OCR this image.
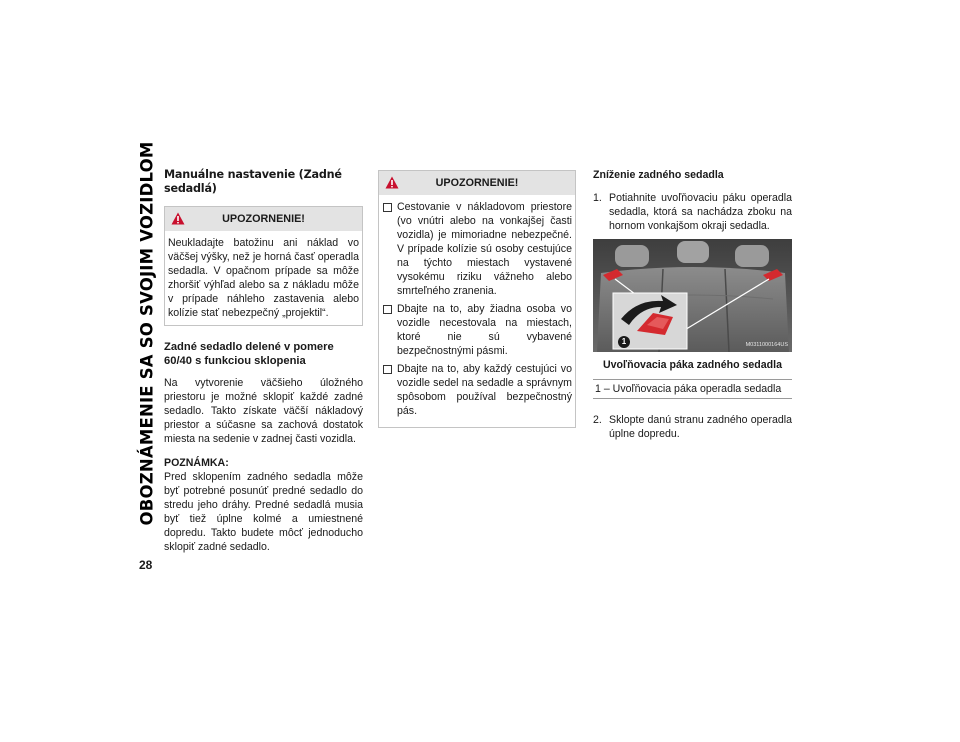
OBOZNÁMENIE SA SO SVOJIM VOZIDLOM
28
Manuálne nastavenie (Zadné sedadlá)
UPOZORNENIE!

Neukladajte batožinu ani náklad vo väčšej výšky, než je horná časť operadla sedadla. V opačnom prípade sa môže zhoršiť výhľad alebo sa z nákladu môže v prípade náhleho zastavenia alebo kolízie stať nebezpečný „projektil“.

Zadné sedadlo delené v pomere 60/40 s funkciou sklopenia

Na vytvorenie väčšieho úložného priestoru je možné sklopiť každé zadné sedadlo. Takto získate väčší nákladový priestor a súčasne sa zachová dostatok miesta na sedenie v zadnej časti vozidla.

POZNÁMKA:

Pred sklopením zadného sedadla môže byť potrebné posunúť predné sedadlo do stredu jeho dráhy. Predné sedadlá musia byť tiež úplne kolmé a umiestnené dopredu. Takto budete môcť jednoducho sklopiť zadné sedadlo.

UPOZORNENIE!
Cestovanie v nákladovom priestore (vo vnútri alebo na vonkajšej časti vozidla) je mimoriadne nebezpečné. V prípade kolízie sú osoby cestujúce na týchto miestach vystavené vysokému riziku vážneho alebo smrteľného zranenia.
Dbajte na to, aby žiadna osoba vo vozidle necestovala na miestach, ktoré nie sú vybavené bezpečnostnými pásmi.
Dbajte na to, aby každý cestujúci vo vozidle sedel na sedadle a správnym spôsobom používal bezpečnostný pás.

Zníženie zadného sedadla

1. Potiahnite uvoľňovaciu páku operadla sedadla, ktorá sa nachádza zboku na hornom vonkajšom okraji sedadla.
1	M0311000164US

Uvoľňovacia páka zadného sedadla

1 – Uvoľňovacia páka operadla sedadla
2. Sklopte danú stranu zadného operadla úplne dopredu.
